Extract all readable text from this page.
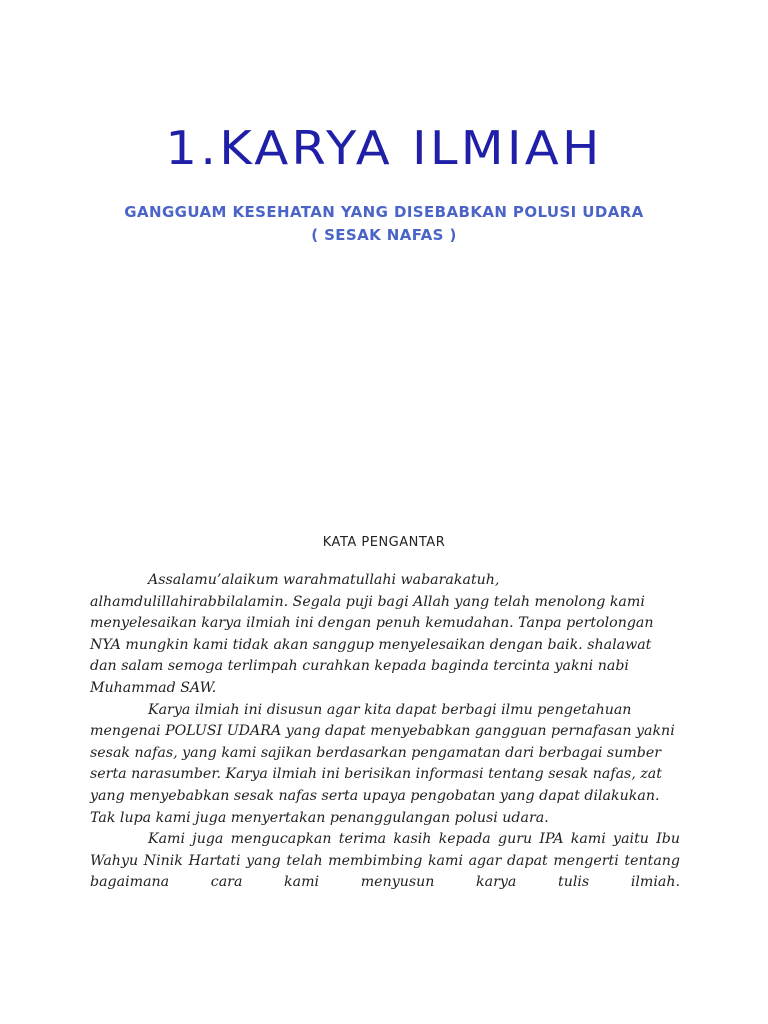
1.KARYA ILMIAH
GANGGUAM KESEHATAN YANG DISEBABKAN POLUSI UDARA
( SESAK NAFAS )
KATA PENGANTAR

Assalamu’alaikum warahmatullahi wabarakatuh, alhamdulillahirabbilalamin. Segala puji bagi Allah yang telah menolong kami menyelesaikan karya ilmiah ini dengan penuh kemudahan. Tanpa pertolongan NYA mungkin kami tidak akan sanggup menyelesaikan dengan baik. shalawat dan salam semoga terlimpah curahkan kepada baginda tercinta yakni nabi Muhammad SAW.

Karya ilmiah ini disusun agar kita dapat berbagi ilmu pengetahuan mengenai POLUSI UDARA yang dapat menyebabkan gangguan pernafasan yakni sesak nafas, yang kami sajikan berdasarkan pengamatan dari berbagai sumber serta narasumber. Karya ilmiah ini berisikan informasi tentang sesak nafas, zat yang menyebabkan sesak nafas serta upaya pengobatan yang dapat dilakukan. Tak lupa kami juga menyertakan penanggulangan polusi udara.

Kami juga mengucapkan terima kasih kepada guru IPA kami yaitu Ibu Wahyu Ninik Hartati yang telah membimbing kami agar dapat mengerti tentang bagaimana cara kami menyusun karya tulis ilmiah.
